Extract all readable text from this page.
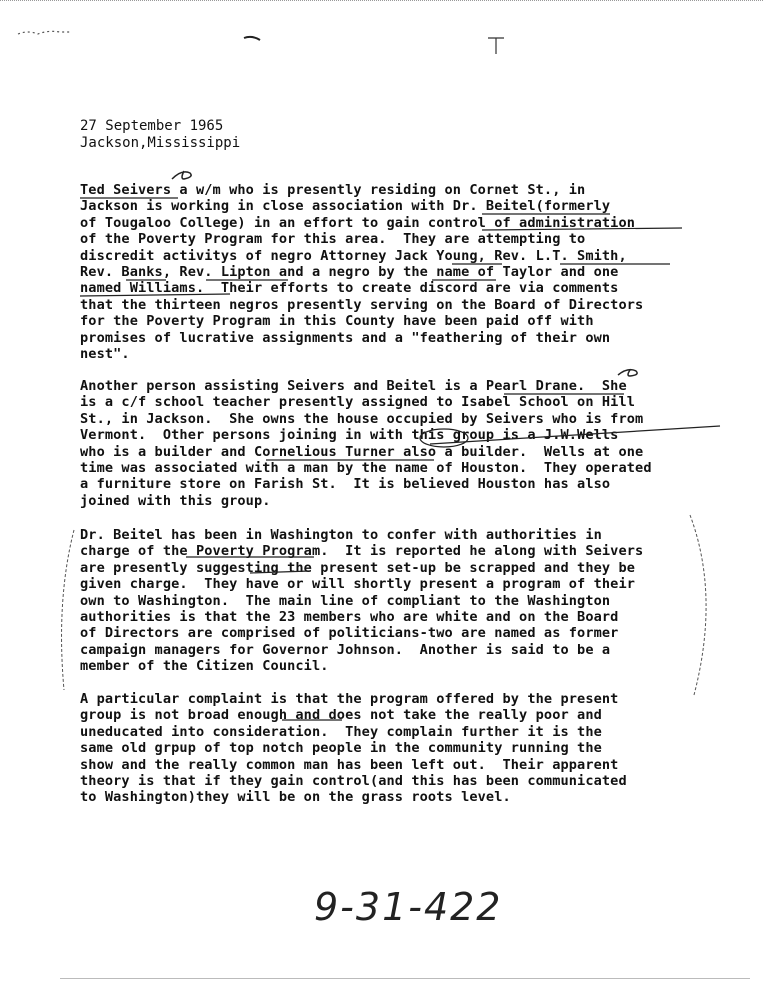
27 September 1965
Jackson,Mississippi
Ted Seivers a w/m who is presently residing on Cornet St., in
Jackson is working in close association with Dr. Beitel(formerly
of Tougaloo College) in an effort to gain control of administration
of the Poverty Program for this area.  They are attempting to
discredit activitys of negro Attorney Jack Young, Rev. L.T. Smith,
Rev. Banks, Rev. Lipton and a negro by the name of Taylor and one
named Williams.  Their efforts to create discord are via comments
that the thirteen negros presently serving on the Board of Directors
for the Poverty Program in this County have been paid off with
promises of lucrative assignments and a "feathering of their own
nest".
Another person assisting Seivers and Beitel is a Pearl Drane.  She
is a c/f school teacher presently assigned to Isabel School on Hill
St., in Jackson.  She owns the house occupied by Seivers who is from
Vermont.  Other persons joining in with this group is a J.W.Wells
who is a builder and Cornelious Turner also a builder.  Wells at one
time was associated with a man by the name of Houston.  They operated
a furniture store on Farish St.  It is believed Houston has also
joined with this group.
Dr. Beitel has been in Washington to confer with authorities in
charge of the Poverty Program.  It is reported he along with Seivers
are presently suggesting the present set-up be scrapped and they be
given charge.  They have or will shortly present a program of their
own to Washington.  The main line of compliant to the Washington
authorities is that the 23 members who are white and on the Board
of Directors are comprised of politicians-two are named as former
campaign managers for Governor Johnson.  Another is said to be a
member of the Citizen Council.
A particular complaint is that the program offered by the present
group is not broad enough and does not take the really poor and
uneducated into consideration.  They complain further it is the
same old grpup of top notch people in the community running the
show and the really common man has been left out.  Their apparent
theory is that if they gain control(and this has been communicated
to Washington)they will be on the grass roots level.
9-31-422
